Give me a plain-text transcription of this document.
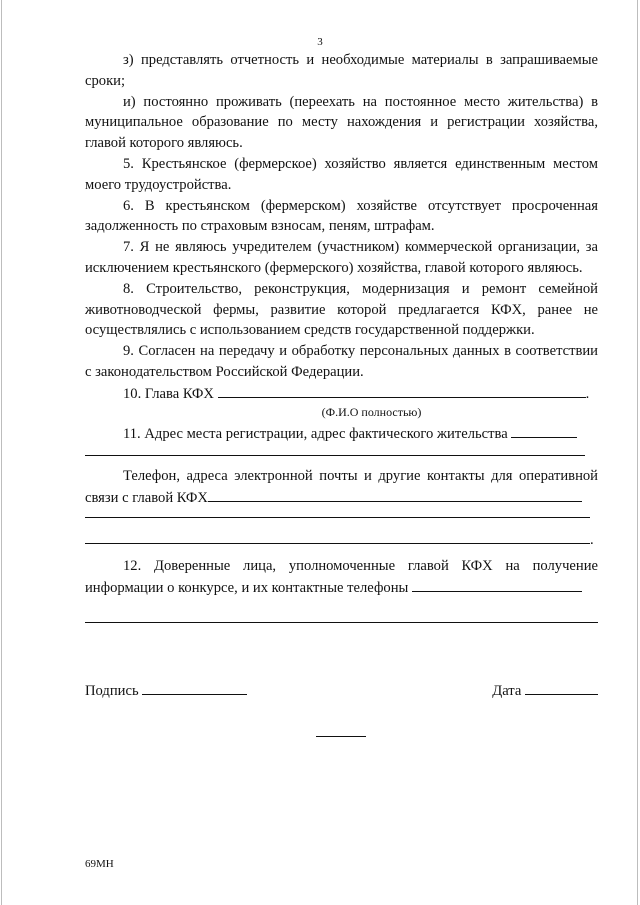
3

з) представлять отчетность и необходимые материалы в запрашиваемые сроки;

и) постоянно проживать (переехать на постоянное место жительства) в муниципальное образование по месту нахождения и регистрации хозяйства, главой которого являюсь.

5. Крестьянское (фермерское) хозяйство является единственным местом моего трудоустройства.

6. В крестьянском (фермерском) хозяйстве отсутствует просроченная задолженность по страховым взносам, пеням, штрафам.

7. Я не являюсь учредителем (участником) коммерческой организации, за исключением крестьянского (фермерского) хозяйства, главой которого являюсь.

8. Строительство, реконструкция, модернизация и ремонт семейной животноводческой фермы, развитие которой предлагается КФХ, ранее не осуществлялись с использованием средств государственной поддержки.

9. Согласен на передачу и обработку персональных данных в соответствии с законодательством Российской Федерации.

10. Глава КФХ	.

(Ф.И.О полностью)

11. Адрес места регистрации, адрес фактического жительства

Телефон, адреса электронной почты и другие контакты для оперативной связи с главой КФХ

.

12. Доверенные лица, уполномоченные главой КФХ на получение информации о конкурсе, и их контактные телефоны

Подпись	Дата
69МН
